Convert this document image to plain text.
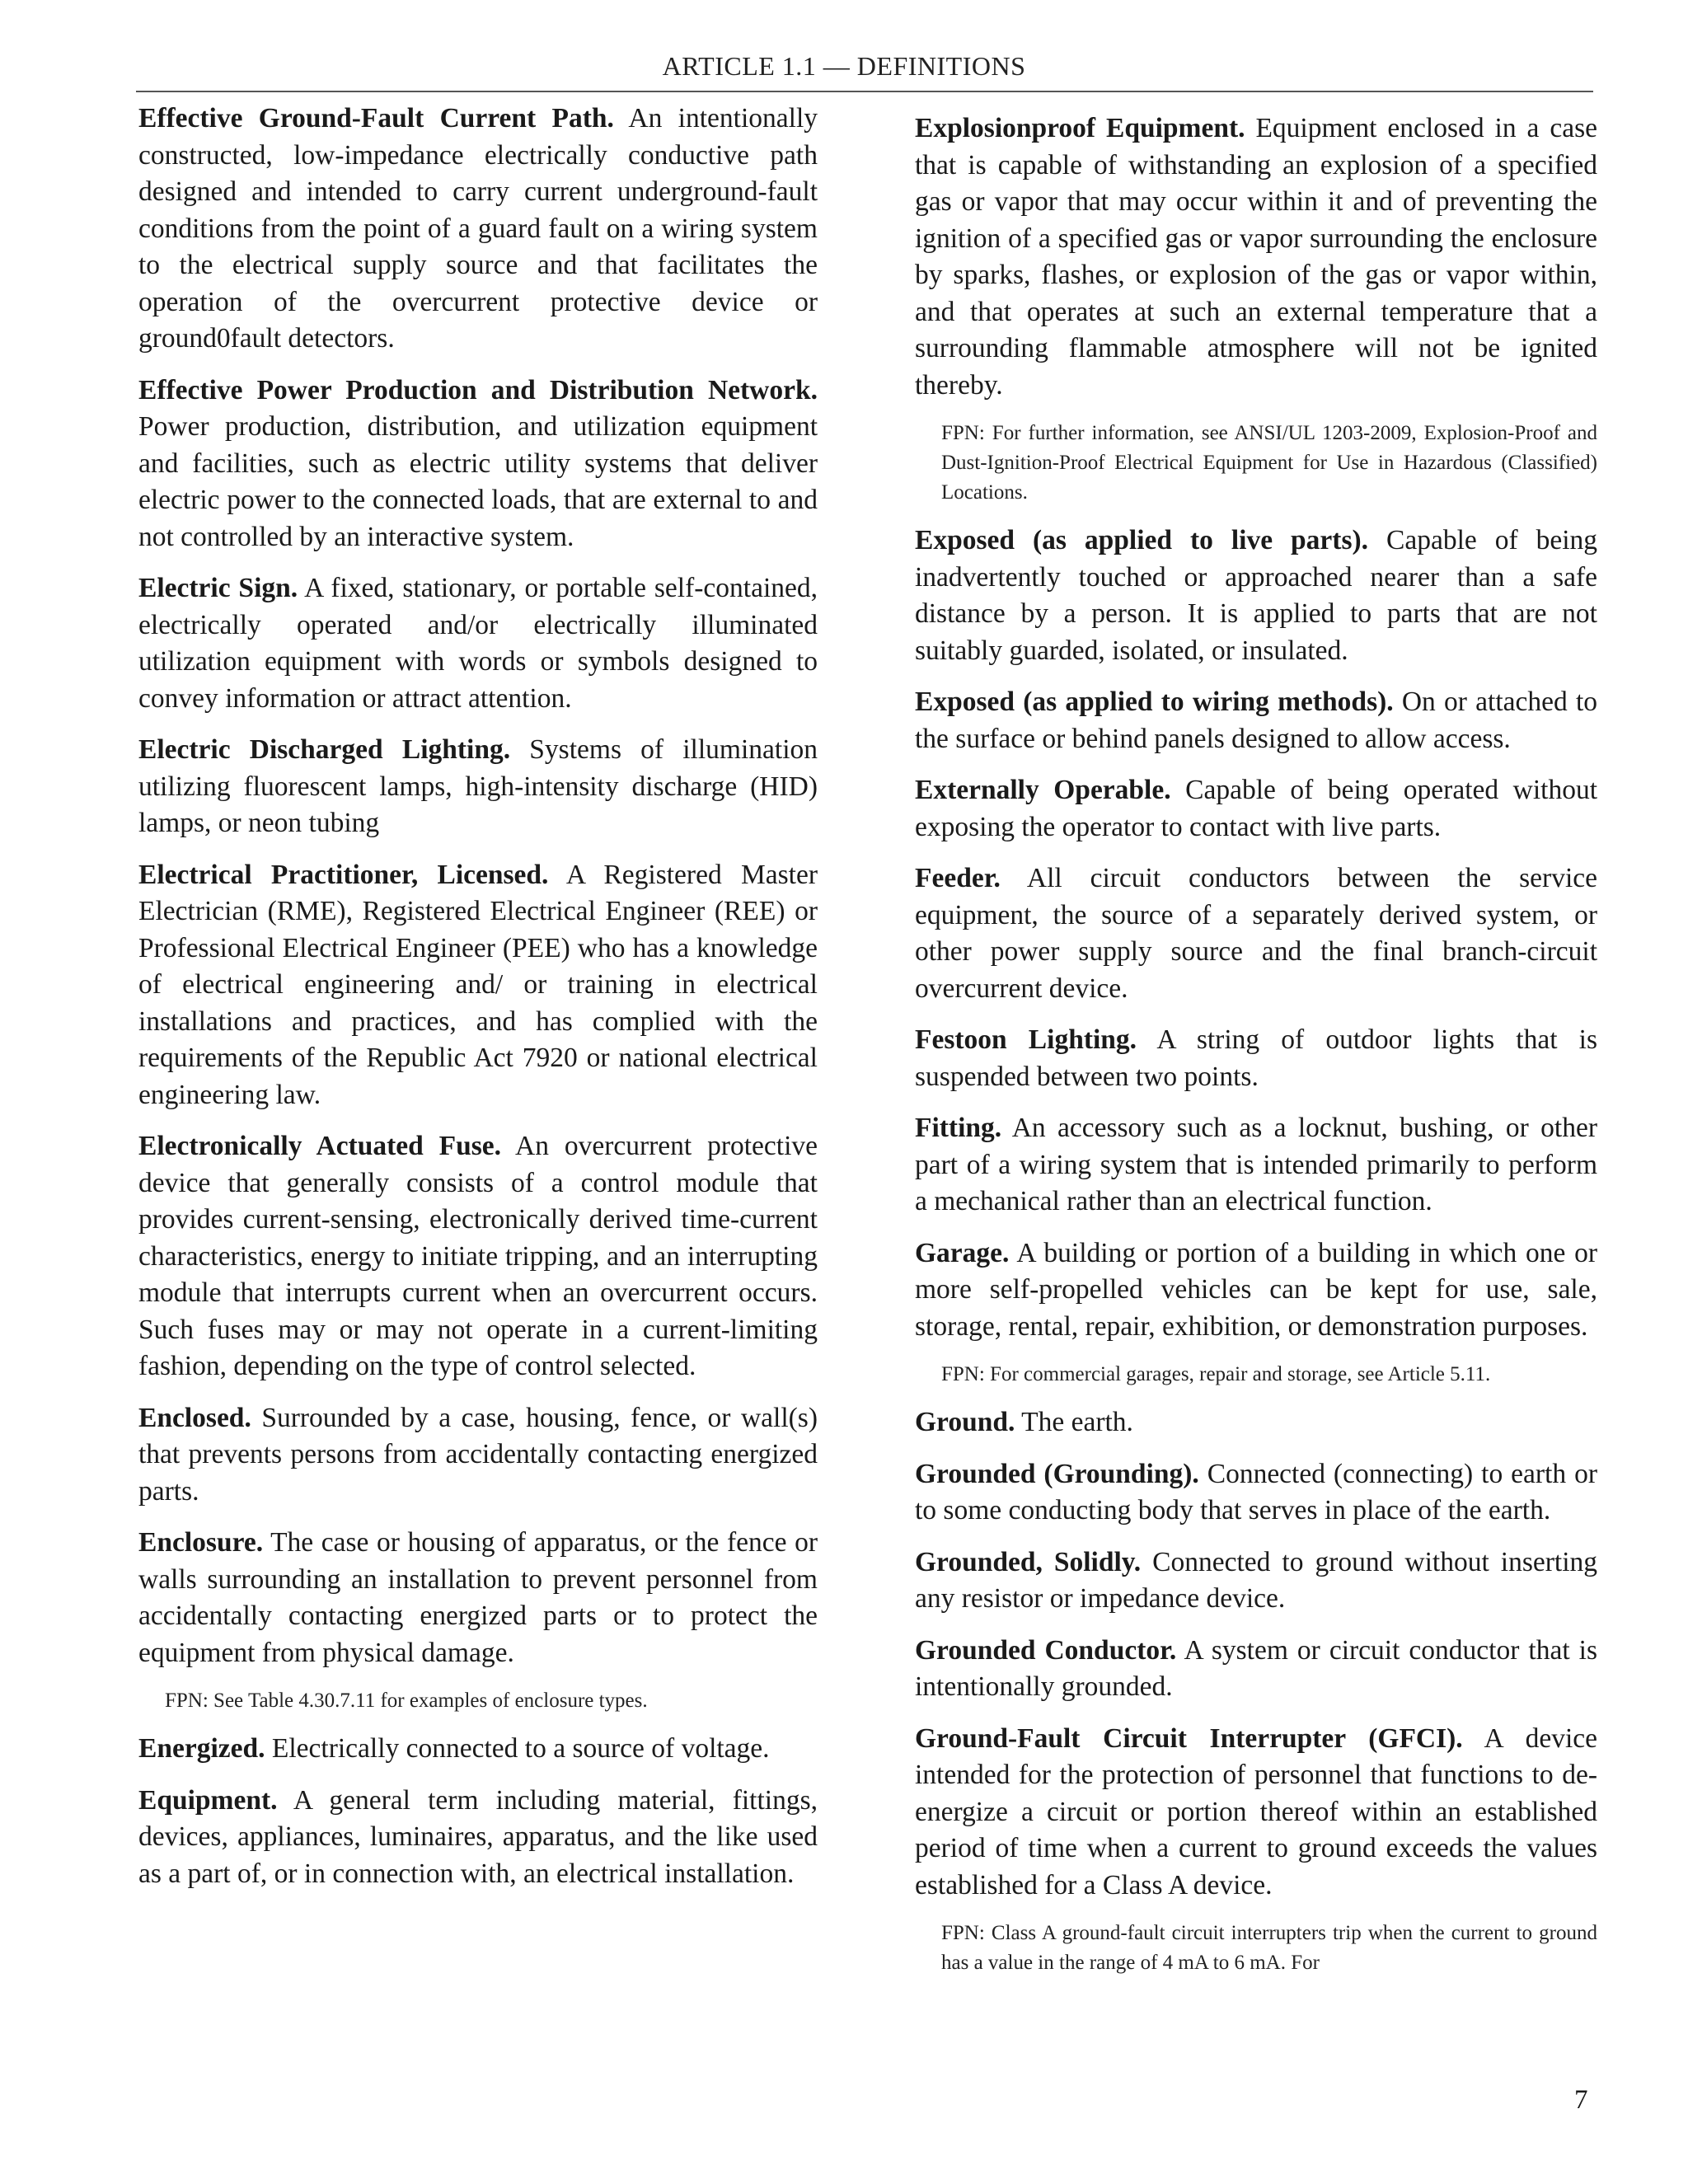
ARTICLE 1.1 — DEFINITIONS

Effective Ground-Fault Current Path. An intentionally constructed, low-impedance electrically conductive path designed and intended to carry current underground-fault conditions from the point of a guard fault on a wiring system to the electrical supply source and that facilitates the operation of the overcurrent protective device or ground0fault detectors.

Effective Power Production and Distribution Network. Power production, distribution, and utilization equipment and facilities, such as electric utility systems that deliver electric power to the connected loads, that are external to and not controlled by an interactive system.

Electric Sign. A fixed, stationary, or portable self-contained, electrically operated and/or electrically illuminated utilization equipment with words or symbols designed to convey information or attract attention.

Electric Discharged Lighting. Systems of illumination utilizing fluorescent lamps, high-intensity discharge (HID) lamps, or neon tubing

Electrical Practitioner, Licensed. A Registered Master Electrician (RME), Registered Electrical Engineer (REE) or Professional Electrical Engineer (PEE) who has a knowledge of electrical engineering and/ or training in electrical installations and practices, and has complied with the requirements of the Republic Act 7920 or national electrical engineering law.

Electronically Actuated Fuse. An overcurrent protective device that generally consists of a control module that provides current-sensing, electronically derived time-current characteristics, energy to initiate tripping, and an interrupting module that interrupts current when an overcurrent occurs. Such fuses may or may not operate in a current-limiting fashion, depending on the type of control selected.

Enclosed. Surrounded by a case, housing, fence, or wall(s) that prevents persons from accidentally contacting energized parts.

Enclosure. The case or housing of apparatus, or the fence or walls surrounding an installation to prevent personnel from accidentally contacting energized parts or to protect the equipment from physical damage.

FPN: See Table 4.30.7.11 for examples of enclosure types.

Energized. Electrically connected to a source of voltage.

Equipment. A general term including material, fittings, devices, appliances, luminaires, apparatus, and the like used as a part of, or in connection with, an electrical installation.

Explosionproof Equipment. Equipment enclosed in a case that is capable of withstanding an explosion of a specified gas or vapor that may occur within it and of preventing the ignition of a specified gas or vapor surrounding the enclosure by sparks, flashes, or explosion of the gas or vapor within, and that operates at such an external temperature that a surrounding flammable atmosphere will not be ignited thereby.

FPN: For further information, see ANSI/UL 1203-2009, Explosion-Proof and Dust-Ignition-Proof Electrical Equipment for Use in Hazardous (Classified) Locations.

Exposed (as applied to live parts). Capable of being inadvertently touched or approached nearer than a safe distance by a person. It is applied to parts that are not suitably guarded, isolated, or insulated.

Exposed (as applied to wiring methods). On or attached to the surface or behind panels designed to allow access.

Externally Operable. Capable of being operated without exposing the operator to contact with live parts.

Feeder. All circuit conductors between the service equipment, the source of a separately derived system, or other power supply source and the final branch-circuit overcurrent device.

Festoon Lighting. A string of outdoor lights that is suspended between two points.

Fitting. An accessory such as a locknut, bushing, or other part of a wiring system that is intended primarily to perform a mechanical rather than an electrical function.

Garage. A building or portion of a building in which one or more self-propelled vehicles can be kept for use, sale, storage, rental, repair, exhibition, or demonstration purposes.

FPN: For commercial garages, repair and storage, see Article 5.11.

Ground. The earth.

Grounded (Grounding). Connected (connecting) to earth or to some conducting body that serves in place of the earth.

Grounded, Solidly. Connected to ground without inserting any resistor or impedance device.

Grounded Conductor. A system or circuit conductor that is intentionally grounded.

Ground-Fault Circuit Interrupter (GFCI). A device intended for the protection of personnel that functions to de-energize a circuit or portion thereof within an established period of time when a current to ground exceeds the values established for a Class A device.

FPN: Class A ground-fault circuit interrupters trip when the current to ground has a value in the range of 4 mA to 6 mA. For

7
